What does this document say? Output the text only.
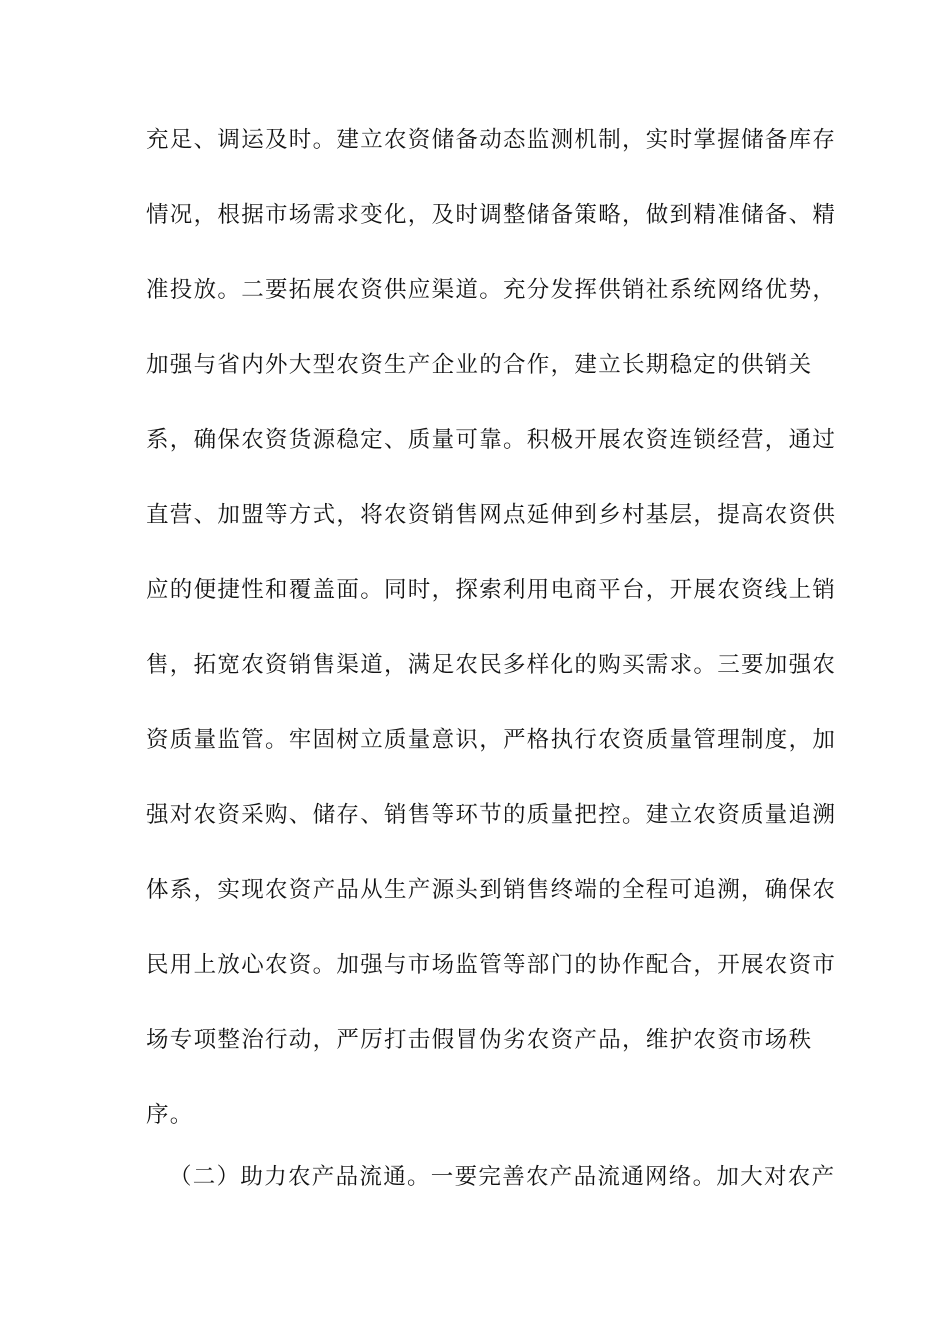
充足、调运及时。建立农资储备动态监测机制，实时掌握储备库存

情况，根据市场需求变化，及时调整储备策略，做到精准储备、精

准投放。二要拓展农资供应渠道。充分发挥供销社系统网络优势，

加强与省内外大型农资生产企业的合作，建立长期稳定的供销关

系，确保农资货源稳定、质量可靠。积极开展农资连锁经营，通过

直营、加盟等方式，将农资销售网点延伸到乡村基层，提高农资供

应的便捷性和覆盖面。同时，探索利用电商平台，开展农资线上销

售，拓宽农资销售渠道，满足农民多样化的购买需求。三要加强农

资质量监管。牢固树立质量意识，严格执行农资质量管理制度，加

强对农资采购、储存、销售等环节的质量把控。建立农资质量追溯

体系，实现农资产品从生产源头到销售终端的全程可追溯，确保农

民用上放心农资。加强与市场监管等部门的协作配合，开展农资市

场专项整治行动，严厉打击假冒伪劣农资产品，维护农资市场秩

序。

（二）助力农产品流通。一要完善农产品流通网络。加大对农产
